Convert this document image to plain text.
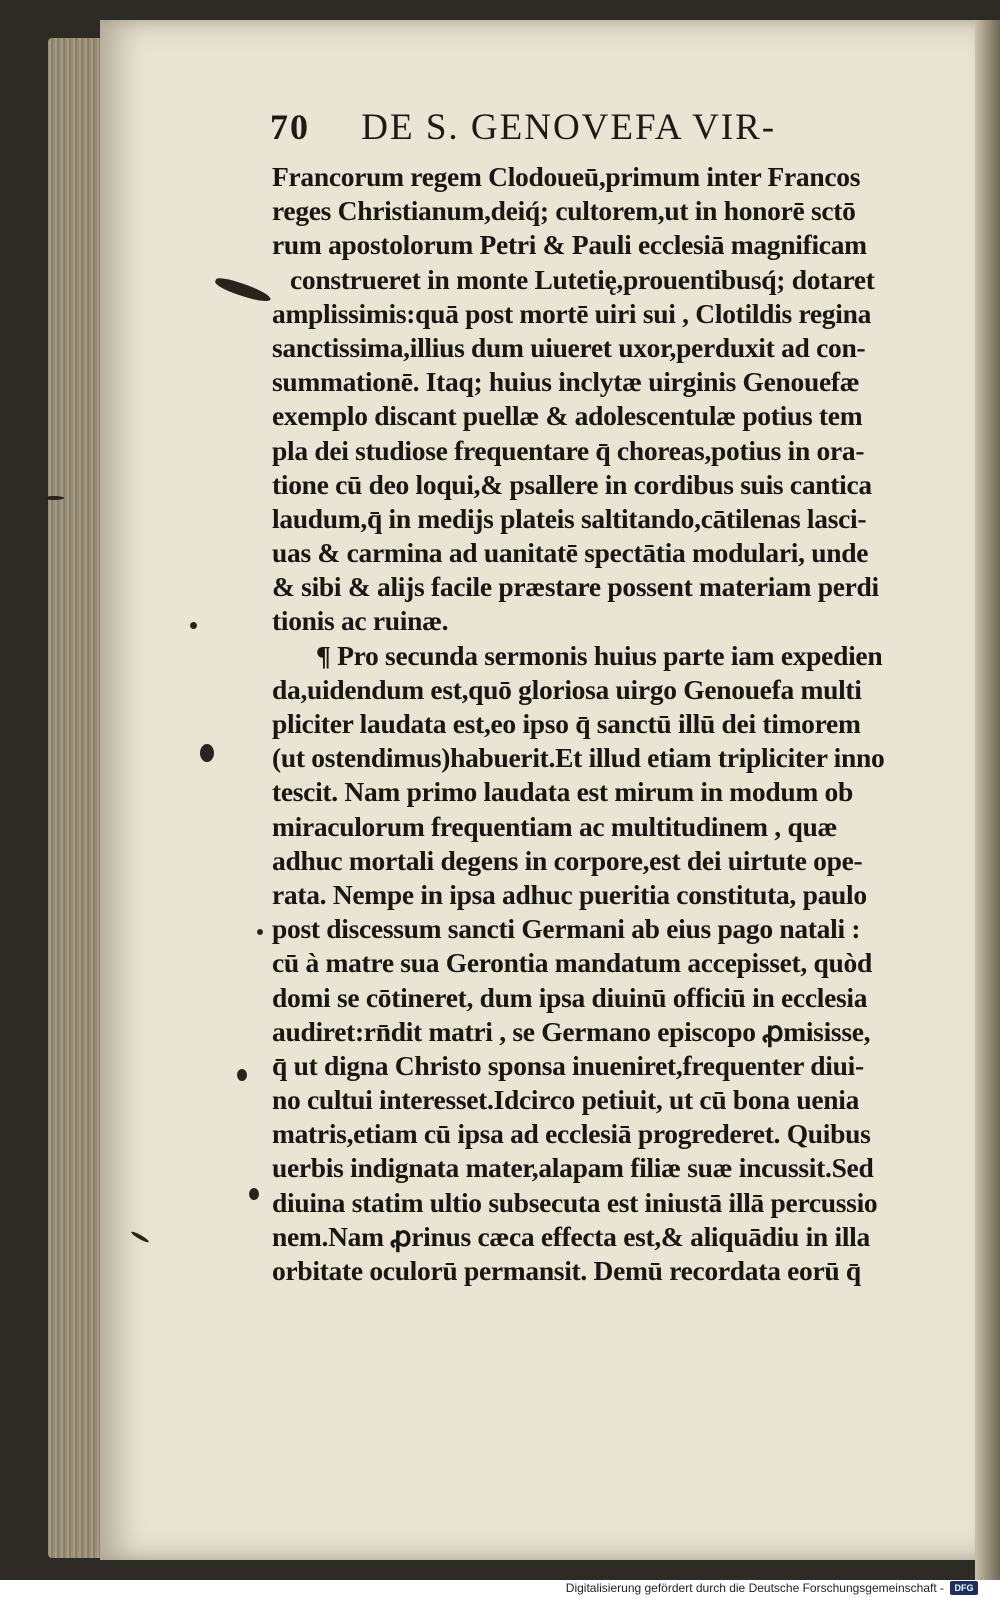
70 DE S. GENOVEFA VIR-
Francorum regem Clodoueū,primum inter Francos
reges Christianum,deiq́; cultorem,ut in honorē sctō
rum apostolorum Petri & Pauli ecclesiā magnificam
construeret in monte Lutetię,prouentibusq́; dotaret
amplissimis:quā post mortē uiri sui , Clotildis regina
sanctissima,illius dum uiueret uxor,perduxit ad con-
summationē. Itaq; huius inclytæ uirginis Genouefæ
exemplo discant puellæ & adolescentulæ potius tem
pla dei studiose frequentare q̄ choreas,potius in ora-
tione cū deo loqui,& psallere in cordibus suis cantica
laudum,q̄ in medijs plateis saltitando,cātilenas lasci-
uas & carmina ad uanitatē spectātia modulari, unde
& sibi & alijs facile præstare possent materiam perdi
tionis ac ruinæ.
¶ Pro secunda sermonis huius parte iam expedien
da,uidendum est,quō gloriosa uirgo Genouefa multi
pliciter laudata est,eo ipso q̄ sanctū illū dei timorem
(ut ostendimus)habuerit.Et illud etiam tripliciter inno
tescit. Nam primo laudata est mirum in modum ob
miraculorum frequentiam ac multitudinem , quæ
adhuc mortali degens in corpore,est dei uirtute ope-
rata. Nempe in ipsa adhuc pueritia constituta, paulo
post discessum sancti Germani ab eius pago natali :
cū à matre sua Gerontia mandatum accepisset, quòd
domi se cōtineret, dum ipsa diuinū officiū in ecclesia
audiret:rn̄dit matri , se Germano episcopo ꝓmisisse,
q̄ ut digna Christo sponsa inueniret,frequenter diui-
no cultui interesset.Idcirco petiuit, ut cū bona uenia
matris,etiam cū ipsa ad ecclesiā progrederet. Quibus
uerbis indignata mater,alapam filiæ suæ incussit.Sed
diuina statim ultio subsecuta est iniustā illā percussio
nem.Nam ꝓrinus cæca effecta est,& aliquādiu in illa
orbitate oculorū permansit. Demū recordata eorū q̄
Digitalisierung gefördert durch die Deutsche Forschungsgemeinschaft -	DFG
